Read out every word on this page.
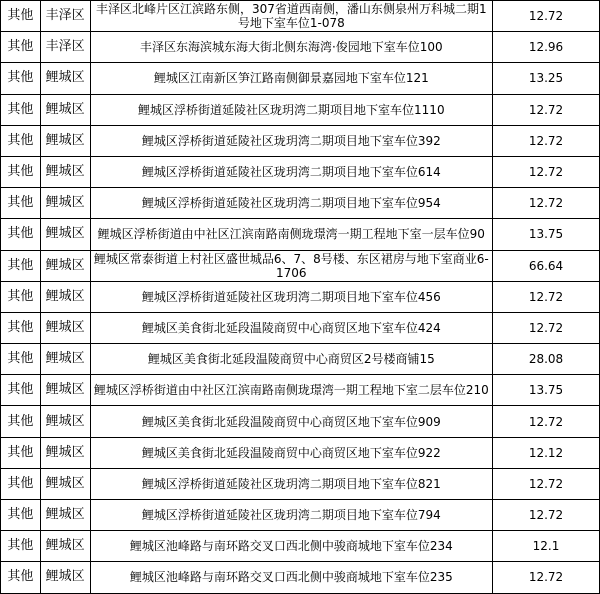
其他	丰泽区	丰泽区北峰片区江滨路东侧，307省道西南侧，潘山东侧泉州万科城二期1号地下室车位1-078	12.72
其他	丰泽区	丰泽区东海滨城东海大街北侧东海湾·俊园地下室车位100	12.96
其他	鲤城区	鲤城区江南新区笋江路南侧御景嘉园地下室车位121	13.25
其他	鲤城区	鲤城区浮桥街道延陵社区珑玥湾二期项目地下室车位1110	12.72
其他	鲤城区	鲤城区浮桥街道延陵社区珑玥湾二期项目地下室车位392	12.72
其他	鲤城区	鲤城区浮桥街道延陵社区珑玥湾二期项目地下室车位614	12.72
其他	鲤城区	鲤城区浮桥街道延陵社区珑玥湾二期项目地下室车位954	12.72
其他	鲤城区	鲤城区浮桥街道由中社区江滨南路南侧珑璟湾一期工程地下室一层车位90	13.75
其他	鲤城区	鲤城区常泰街道上村社区盛世城品6、7、8号楼、东区裙房与地下室商业6-1706	66.64
其他	鲤城区	鲤城区浮桥街道延陵社区珑玥湾二期项目地下室车位456	12.72
其他	鲤城区	鲤城区美食街北延段温陵商贸中心商贸区地下室车位424	12.72
其他	鲤城区	鲤城区美食街北延段温陵商贸中心商贸区2号楼商铺15	28.08
其他	鲤城区	鲤城区浮桥街道由中社区江滨南路南侧珑璟湾一期工程地下室二层车位210	13.75
其他	鲤城区	鲤城区美食街北延段温陵商贸中心商贸区地下室车位909	12.72
其他	鲤城区	鲤城区美食街北延段温陵商贸中心商贸区地下室车位922	12.12
其他	鲤城区	鲤城区浮桥街道延陵社区珑玥湾二期项目地下室车位821	12.72
其他	鲤城区	鲤城区浮桥街道延陵社区珑玥湾二期项目地下室车位794	12.72
其他	鲤城区	鲤城区池峰路与南环路交叉口西北侧中骏商城地下室车位234	12.1
其他	鲤城区	鲤城区池峰路与南环路交叉口西北侧中骏商城地下室车位235	12.72
